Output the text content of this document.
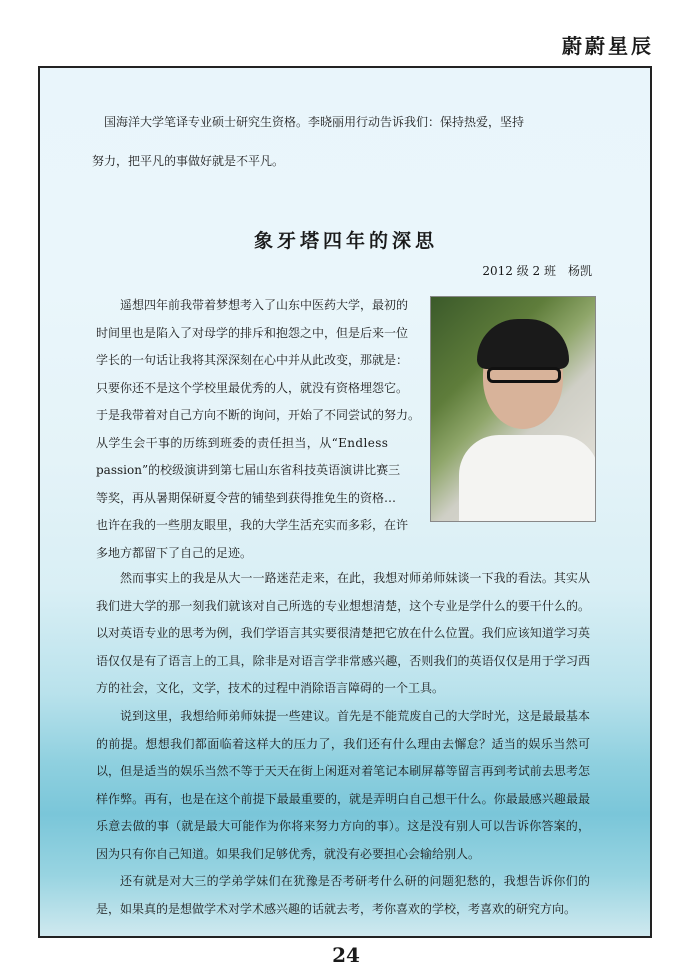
蔚蔚星辰

国海洋大学笔译专业硕士研究生资格。李晓丽用行动告诉我们：保持热爱，坚持

努力，把平凡的事做好就是不平凡。

象牙塔四年的深思
2012 级 2 班　杨凯
遥想四年前我带着梦想考入了山东中医药大学，最初的
时间里也是陷入了对母学的排斥和抱怨之中，但是后来一位
学长的一句话让我将其深深刻在心中并从此改变，那就是：
只要你还不是这个学校里最优秀的人，就没有资格埋怨它。
于是我带着对自己方向不断的询问，开始了不同尝试的努力。
从学生会干事的历练到班委的责任担当，从“Endless
passion”的校级演讲到第七届山东省科技英语演讲比赛三
等奖，再从暑期保研夏令营的铺垫到获得推免生的资格…
也许在我的一些朋友眼里，我的大学生活充实而多彩，在许
多地方都留下了自己的足迹。

然而事实上的我是从大一一路迷茫走来，在此，我想对师弟师妹谈一下我的看法。其实从我们进大学的那一刻我们就该对自己所选的专业想想清楚，这个专业是学什么的要干什么的。以对英语专业的思考为例，我们学语言其实要很清楚把它放在什么位置。我们应该知道学习英语仅仅是有了语言上的工具，除非是对语言学非常感兴趣，否则我们的英语仅仅是用于学习西方的社会，文化，文学，技术的过程中消除语言障碍的一个工具。

说到这里，我想给师弟师妹提一些建议。首先是不能荒废自己的大学时光，这是最最基本的前提。想想我们都面临着这样大的压力了，我们还有什么理由去懈怠？适当的娱乐当然可以，但是适当的娱乐当然不等于天天在街上闲逛对着笔记本刷屏幕等留言再到考试前去思考怎样作弊。再有，也是在这个前提下最最重要的，就是弄明白自己想干什么。你最最感兴趣最最乐意去做的事（就是最大可能作为你将来努力方向的事）。这是没有别人可以告诉你答案的，因为只有你自己知道。如果我们足够优秀，就没有必要担心会输给别人。

还有就是对大三的学弟学妹们在犹豫是否考研考什么研的问题犯愁的，我想告诉你们的是，如果真的是想做学术对学术感兴趣的话就去考，考你喜欢的学校，考喜欢的研究方向。

24
